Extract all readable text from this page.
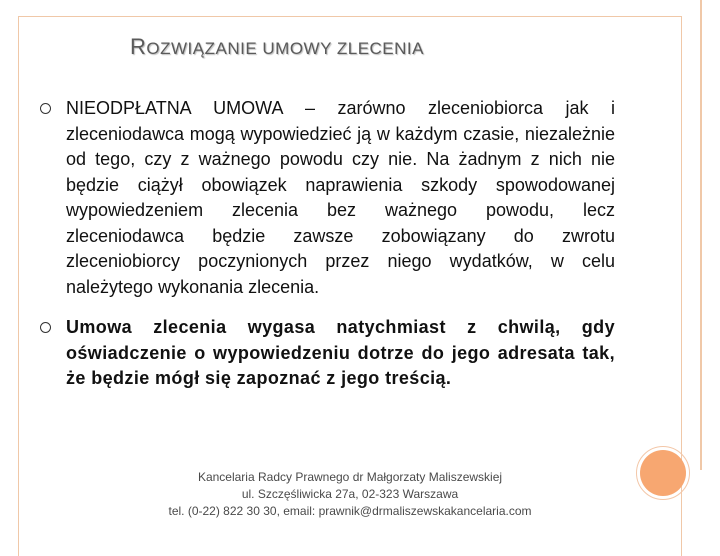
ROZWIĄZANIE UMOWY ZLECENIA

NIEODPŁATNA UMOWA – zarówno zleceniobiorca jak i zleceniodawca mogą wypowiedzieć ją w każdym czasie, niezależnie od tego, czy z ważnego powodu czy nie. Na żadnym z nich nie będzie ciążył obowiązek naprawienia szkody spowodowanej wypowiedzeniem zlecenia bez ważnego powodu, lecz zleceniodawca będzie zawsze zobowiązany do zwrotu zleceniobiorcy poczynionych przez niego wydatków, w celu należytego wykonania zlecenia.

Umowa zlecenia wygasa natychmiast z chwilą, gdy oświadczenie o wypowiedzeniu dotrze do jego adresata tak, że będzie mógł się zapoznać z jego treścią.

Kancelaria Radcy Prawnego dr Małgorzaty Maliszewskiej
ul. Szczęśliwicka 27a, 02-323 Warszawa
tel. (0-22) 822 30 30, email: prawnik@drmaliszewskakancelaria.com
